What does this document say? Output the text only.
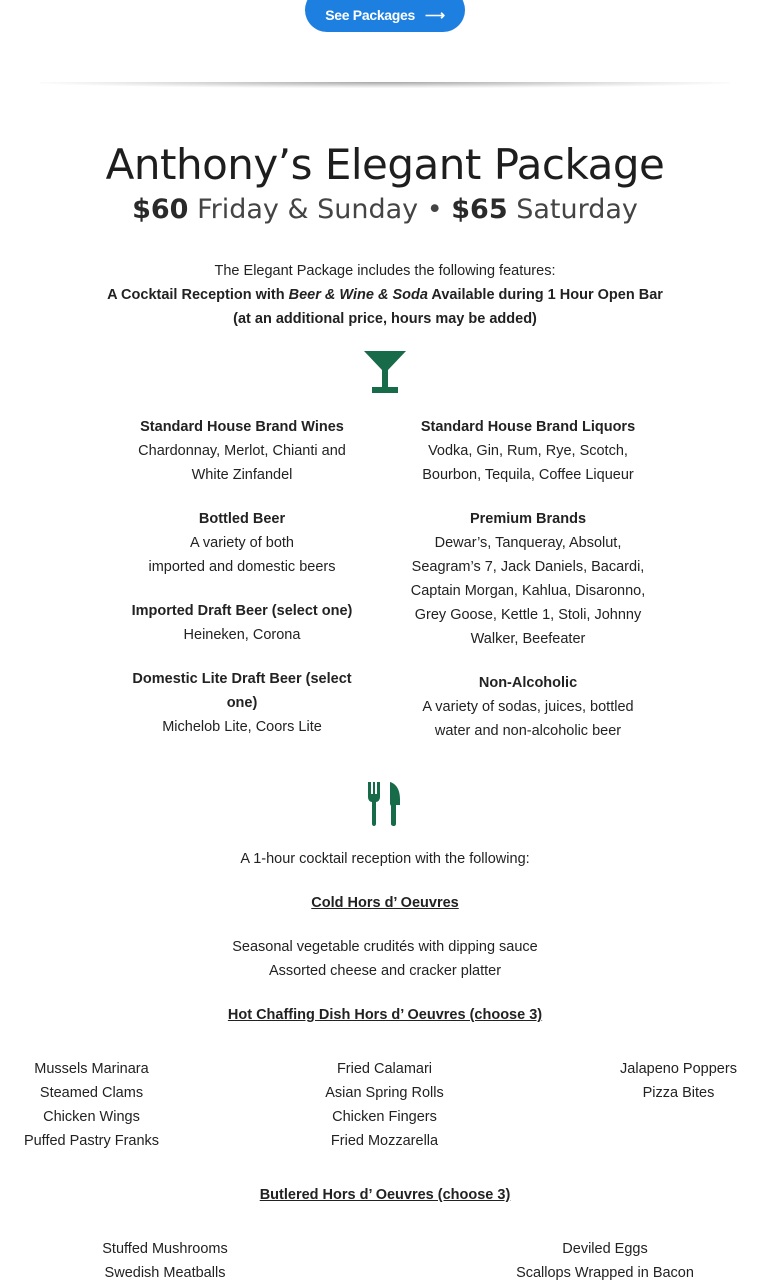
See Packages ⟶
Anthony’s Elegant Package
$60 Friday & Sunday • $65 Saturday
The Elegant Package includes the following features:
A Cocktail Reception with Beer & Wine & Soda Available during 1 Hour Open Bar
(at an additional price, hours may be added)
Standard House Brand Wines
Chardonnay, Merlot, Chianti and
White Zinfandel
Bottled Beer
A variety of both
imported and domestic beers
Imported Draft Beer (select one)
Heineken, Corona
Domestic Lite Draft Beer (select
one)
Michelob Lite, Coors Lite
Standard House Brand Liquors
Vodka, Gin, Rum, Rye, Scotch,
Bourbon, Tequila, Coffee Liqueur
Premium Brands
Dewar’s, Tanqueray, Absolut,
Seagram’s 7, Jack Daniels, Bacardi,
Captain Morgan, Kahlua, Disaronno,
Grey Goose, Kettle 1, Stoli, Johnny
Walker, Beefeater
Non-Alcoholic
A variety of sodas, juices, bottled
water and non-alcoholic beer
A 1-hour cocktail reception with the following:
Cold Hors d’ Oeuvres
Seasonal vegetable crudités with dipping sauce
Assorted cheese and cracker platter
Hot Chaffing Dish Hors d’ Oeuvres (choose 3)
Mussels Marinara
Steamed Clams
Chicken Wings
Puffed Pastry Franks
Fried Calamari
Asian Spring Rolls
Chicken Fingers
Fried Mozzarella
Jalapeno Poppers
Pizza Bites
Butlered Hors d’ Oeuvres (choose 3)
Stuffed Mushrooms
Swedish Meatballs
Deviled Eggs
Scallops Wrapped in Bacon
